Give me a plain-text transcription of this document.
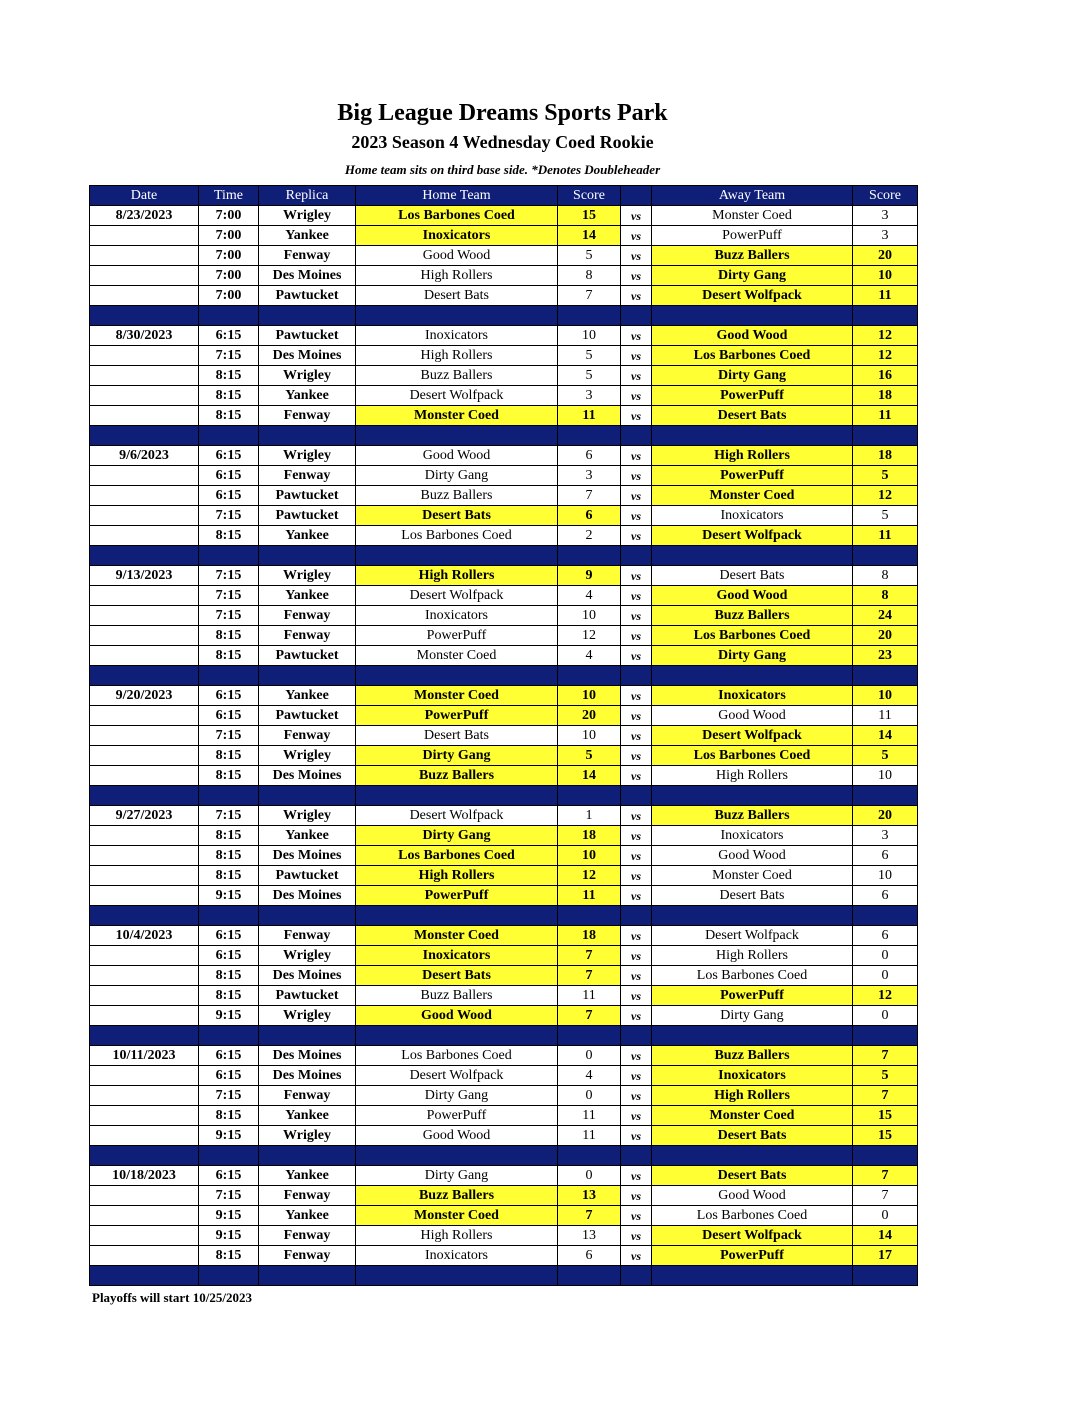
Big League Dreams Sports Park
2023 Season 4 Wednesday Coed Rookie
Home team sits on third base side. *Denotes Doubleheader
Date	Time	Replica	Home Team	Score		Away Team	Score
8/23/2023	7:00	Wrigley	Los Barbones Coed	15	vs	Monster Coed	3
	7:00	Yankee	Inoxicators	14	vs	PowerPuff	3
	7:00	Fenway	Good Wood	5	vs	Buzz Ballers	20
	7:00	Des Moines	High Rollers	8	vs	Dirty Gang	10
	7:00	Pawtucket	Desert Bats	7	vs	Desert Wolfpack	11

8/30/2023	6:15	Pawtucket	Inoxicators	10	vs	Good Wood	12
	7:15	Des Moines	High Rollers	5	vs	Los Barbones Coed	12
	8:15	Wrigley	Buzz Ballers	5	vs	Dirty Gang	16
	8:15	Yankee	Desert Wolfpack	3	vs	PowerPuff	18
	8:15	Fenway	Monster Coed	11	vs	Desert Bats	11

9/6/2023	6:15	Wrigley	Good Wood	6	vs	High Rollers	18
	6:15	Fenway	Dirty Gang	3	vs	PowerPuff	5
	6:15	Pawtucket	Buzz Ballers	7	vs	Monster Coed	12
	7:15	Pawtucket	Desert Bats	6	vs	Inoxicators	5
	8:15	Yankee	Los Barbones Coed	2	vs	Desert Wolfpack	11

9/13/2023	7:15	Wrigley	High Rollers	9	vs	Desert Bats	8
	7:15	Yankee	Desert Wolfpack	4	vs	Good Wood	8
	7:15	Fenway	Inoxicators	10	vs	Buzz Ballers	24
	8:15	Fenway	PowerPuff	12	vs	Los Barbones Coed	20
	8:15	Pawtucket	Monster Coed	4	vs	Dirty Gang	23

9/20/2023	6:15	Yankee	Monster Coed	10	vs	Inoxicators	10
	6:15	Pawtucket	PowerPuff	20	vs	Good Wood	11
	7:15	Fenway	Desert Bats	10	vs	Desert Wolfpack	14
	8:15	Wrigley	Dirty Gang	5	vs	Los Barbones Coed	5
	8:15	Des Moines	Buzz Ballers	14	vs	High Rollers	10

9/27/2023	7:15	Wrigley	Desert Wolfpack	1	vs	Buzz Ballers	20
	8:15	Yankee	Dirty Gang	18	vs	Inoxicators	3
	8:15	Des Moines	Los Barbones Coed	10	vs	Good Wood	6
	8:15	Pawtucket	High Rollers	12	vs	Monster Coed	10
	9:15	Des Moines	PowerPuff	11	vs	Desert Bats	6

10/4/2023	6:15	Fenway	Monster Coed	18	vs	Desert Wolfpack	6
	6:15	Wrigley	Inoxicators	7	vs	High Rollers	0
	8:15	Des Moines	Desert Bats	7	vs	Los Barbones Coed	0
	8:15	Pawtucket	Buzz Ballers	11	vs	PowerPuff	12
	9:15	Wrigley	Good Wood	7	vs	Dirty Gang	0

10/11/2023	6:15	Des Moines	Los Barbones Coed	0	vs	Buzz Ballers	7
	6:15	Des Moines	Desert Wolfpack	4	vs	Inoxicators	5
	7:15	Fenway	Dirty Gang	0	vs	High Rollers	7
	8:15	Yankee	PowerPuff	11	vs	Monster Coed	15
	9:15	Wrigley	Good Wood	11	vs	Desert Bats	15

10/18/2023	6:15	Yankee	Dirty Gang	0	vs	Desert Bats	7
	7:15	Fenway	Buzz Ballers	13	vs	Good Wood	7
	9:15	Yankee	Monster Coed	7	vs	Los Barbones Coed	0
	9:15	Fenway	High Rollers	13	vs	Desert Wolfpack	14
	8:15	Fenway	Inoxicators	6	vs	PowerPuff	17

Playoffs will start 10/25/2023
